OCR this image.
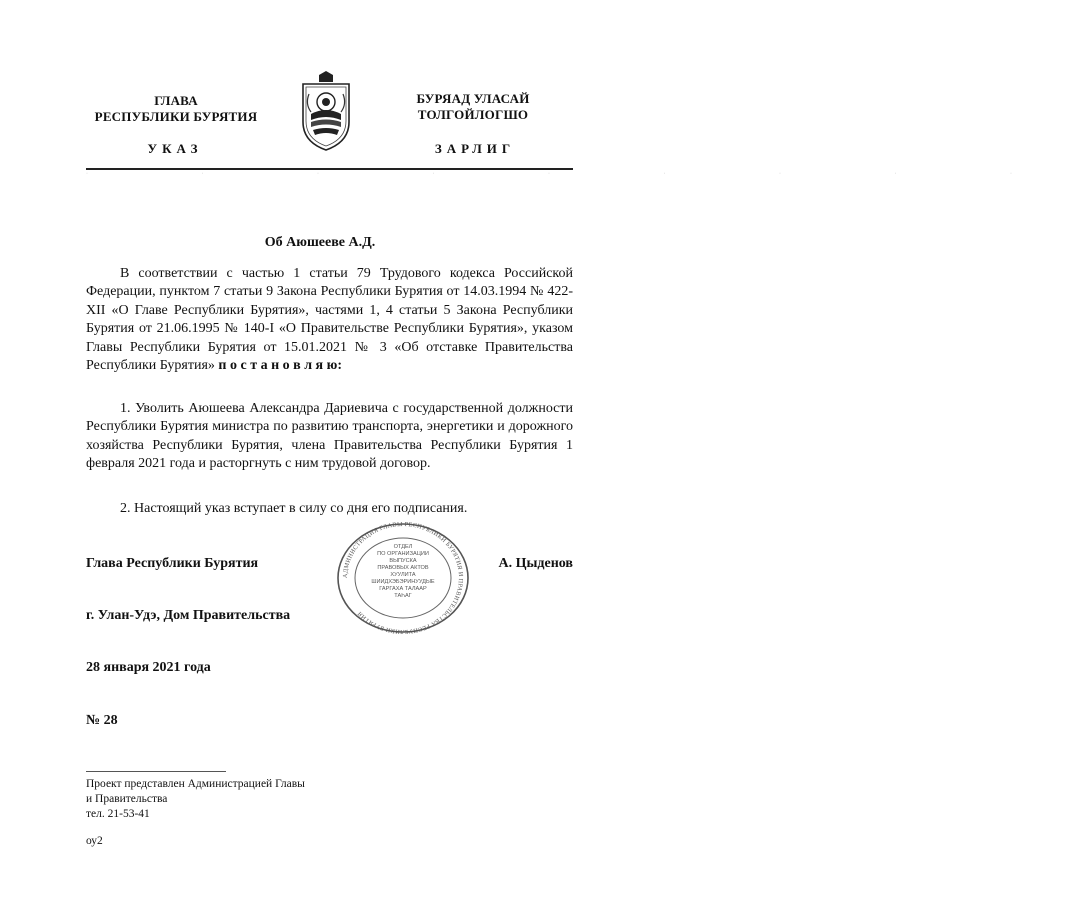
ГЛАВА
РЕСПУБЛИКИ БУРЯТИЯ
БУРЯАД УЛАСАЙ
ТОЛГОЙЛОГШО
УКАЗ	ЗАРЛИГ
· · · · · · · · ·
Об Аюшееве А.Д.

В соответствии с частью 1 статьи 79 Трудового кодекса Российской Федерации, пунктом 7 статьи 9 Закона Республики Бурятия от 14.03.1994 № 422-XII «О Главе Республики Бурятия», частями 1, 4 статьи 5 Закона Республики Бурятия от 21.06.1995 № 140-I «О Правительстве Республики Бурятия», указом Главы Республики Бурятия от 15.01.2021 № 3 «Об отставке Правительства Республики Бурятия» п о с т а н о в л я ю:

1. Уволить Аюшеева Александра Дариевича с государственной должности Республики Бурятия министра по развитию транспорта, энергетики и дорожного хозяйства Республики Бурятия, члена Правительства Республики Бурятия 1 февраля 2021 года и расторгнуть с ним трудовой договор.

2. Настоящий указ вступает в силу со дня его подписания.

Глава Республики Бурятия	А. Цыденов
г. Улан-Удэ, Дом Правительства
28 января 2021 года
№ 28
АДМИНИСТРАЦИЯ ГЛАВЫ РЕСПУБЛИКИ БУРЯТИЯ И ПРАВИТЕЛЬСТВА РЕСПУБЛИКИ БУРЯТИЯ
ОТДЕЛ
ПО ОРГАНИЗАЦИИ
ВЫПУСКА
ПРАВОВЫХ АКТОВ
ХУУЛИТА
ШИИДХЭБЭРИНУУДЫЕ
ГАРГАХА ТАЛААР
ТАҺАГ
Проект представлен Администрацией Главы
и Правительства
тел. 21-53-41
оу2
